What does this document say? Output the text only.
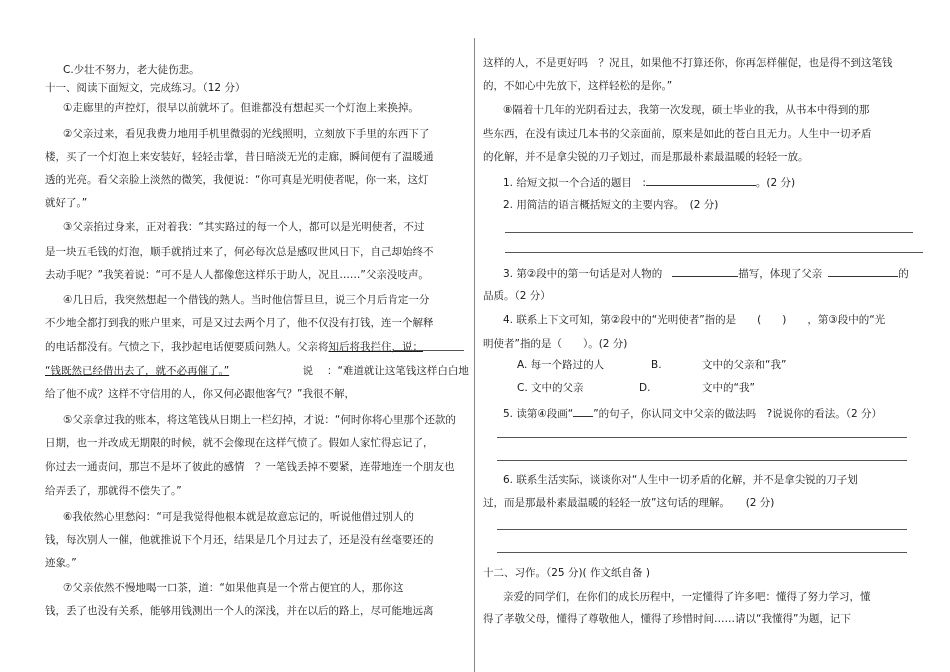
C.少壮不努力，老大徒伤悲。
十一、阅读下面短文，完成练习。（12 分）
①走廊里的声控灯，很早以前就坏了。但谁都没有想起买一个灯泡上来换掉。
②父亲过来，看见我费力地用手机里微弱的光线照明，立刻放下手里的东西下了
楼，买了一个灯泡上来安装好，轻轻击掌，昔日暗淡无光的走廊，瞬间便有了温暖通
透的光亮。看父亲脸上淡然的微笑，我便说：“你可真是光明使者呢，你一来，这灯
就好了。”
③父亲掐过身来，正对着我：“其实路过的每一个人，都可以是光明使者，不过
是一块五毛钱的灯泡，顺手就捎过来了，何必每次总是感叹世风日下，自己却始终不
去动手呢？”我笑着说：“可不是人人都像您这样乐于助人，况且……”父亲没吱声。
④几日后，我突然想起一个借钱的熟人。当时他信誓旦旦，说三个月后肯定一分
不少地全都打到我的账户里来，可是又过去两个月了，他不仅没有打钱，连一个解释
的电话都没有。气愤之下，我抄起电话便要质问熟人。父亲将知后将我拦住，说：
“钱既然已经借出去了，就不必再催了。”	说 ：“难道就让这笔钱这样白白地
给了他不成？这样不守信用的人，你又何必跟他客气？”我很不解，
⑤父亲拿过我的账本，将这笔钱从日期上一栏幻掉，才说：“何时你将心里那个还款的
日期，也一并改成无期限的时候，就不会像现在这样气愤了。假如人家忙得忘记了，
你过去一通责问，那岂不是坏了彼此的感情　？一笔钱丢掉不要紧，连带地连一个朋友也
给弄丢了，那就得不偿失了。”
⑥我依然心里愁闷：“可是我觉得他根本就是故意忘记的，听说他借过别人的
钱，每次别人一催，他就推说下个月还，结果是几个月过去了，还是没有丝毫要还的
迹象。”
⑦父亲依然不慢地喝一口茶，道：“如果他真是一个常占便宜的人，那你这
钱，丢了也没有关系，能够用钱测出一个人的深浅，并在以后的路上，尽可能地远离
这样的人，不是更好吗　？况且，如果他不打算还你，你再怎样催促，也是得不到这笔钱
的，不如心中先放下，这样轻松的是你。”
⑧隔着十几年的光阴看过去，我第一次发现，硕士毕业的我，从书本中得到的那
些东西，在没有读过几本书的父亲面前，原来是如此的苍白且无力。人生中一切矛盾
的化解，并不是拿尖锐的刀子划过，而是那最朴素最温暖的轻轻一放。
1. 给短文拟一个合适的题目　:	。(2 分)
2. 用简洁的语言概括短文的主要内容。　(2 分)
3. 第②段中的第一句话是对人物的	描写，体现了父亲	的
品质。（2 分）
4. 联系上下文可知，第②段中的“光明使者”指的是　　(　　)　　，第③段中的“光
明使者”指的是（　　）。(2 分)
A. 每一个路过的人	B.	文中的父亲和“我”
C. 文中的父亲	D.	文中的“我”
5. 读第④段画“ ”的句子，你认同文中父亲的做法吗　?说说你的看法。（2 分）
6. 联系生活实际，谈谈你对“人生中一切矛盾的化解，并不是拿尖锐的刀子划
过，而是那最朴素最温暖的轻轻一放”这句话的理解。　　(2 分)
十二、习作。（25 分)( 作文纸自备 )
亲爱的同学们，在你们的成长历程中，一定懂得了许多吧：懂得了努力学习，懂
得了孝敬父母，懂得了尊敬他人，懂得了珍惜时间……请以“我懂得”为题，记下
